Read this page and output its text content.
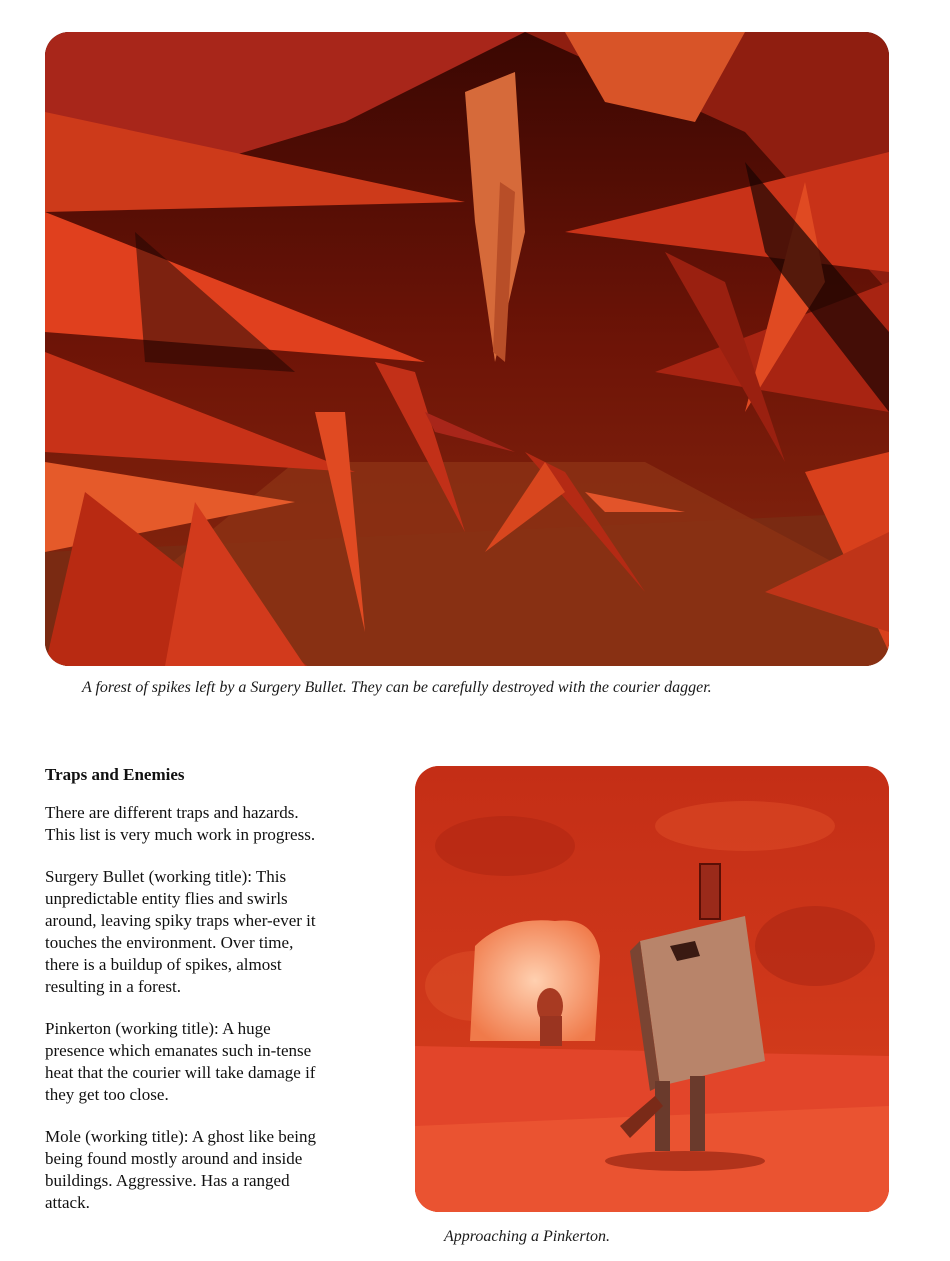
A forest of spikes left by a Surgery Bullet. They can be carefully destroyed with the courier dagger.
Traps and Enemies

There are different traps and hazards. This list is very much work in progress.

Surgery Bullet (working title): This unpredictable entity flies and swirls around, leaving spiky traps wher-ever it touches the environment. Over time, there is a buildup of spikes, almost resulting in a forest.

Pinkerton (working title): A huge presence which emanates such in-tense heat that the courier will take damage if they get too close.

Mole (working title): A ghost like being being found mostly around and inside buildings. Aggressive. Has a ranged attack.

Approaching a Pinkerton.
